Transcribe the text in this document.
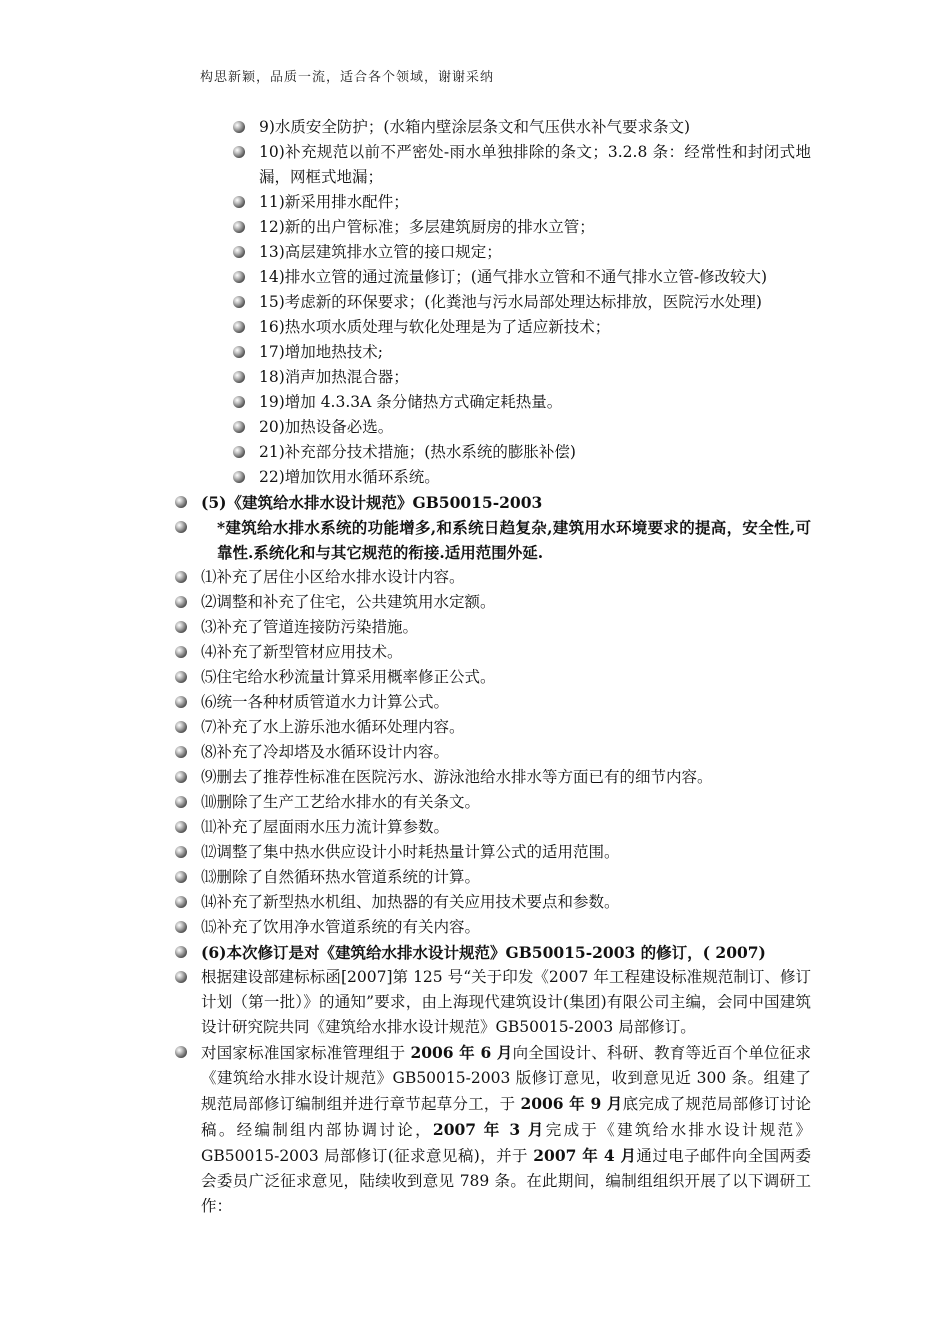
构思新颖，品质一流，适合各个领域，谢谢采纳
9)水质安全防护；(水箱内壁涂层条文和气压供水补气要求条文)
10)补充规范以前不严密处-雨水单独排除的条文；3.2.8 条：经常性和封闭式地漏，网框式地漏；
11)新采用排水配件；
12)新的出户管标准；多层建筑厨房的排水立管；
13)高层建筑排水立管的接口规定；
14)排水立管的通过流量修订；(通气排水立管和不通气排水立管-修改较大)
15)考虑新的环保要求；(化粪池与污水局部处理达标排放，医院污水处理)
16)热水项水质处理与软化处理是为了适应新技术；
17)增加地热技术;
18)消声加热混合器；
19)增加 4.3.3A 条分储热方式确定耗热量。
20)加热设备必选。
21)补充部分技术措施；(热水系统的膨胀补偿)
22)增加饮用水循环系统。
(5)《建筑给水排水设计规范》GB50015-2003
*建筑给水排水系统的功能增多,和系统日趋复杂,建筑用水环境要求的提高，安全性,可靠性.系统化和与其它规范的衔接.适用范围外延.
⑴补充了居住小区给水排水设计内容。
⑵调整和补充了住宅，公共建筑用水定额。
⑶补充了管道连接防污染措施。
⑷补充了新型管材应用技术。
⑸住宅给水秒流量计算采用概率修正公式。
⑹统一各种材质管道水力计算公式。
⑺补充了水上游乐池水循环处理内容。
⑻补充了冷却塔及水循环设计内容。
⑼删去了推荐性标准在医院污水、游泳池给水排水等方面已有的细节内容。
⑽删除了生产工艺给水排水的有关条文。
⑾补充了屋面雨水压力流计算参数。
⑿调整了集中热水供应设计小时耗热量计算公式的适用范围。
⒀删除了自然循环热水管道系统的计算。
⒁补充了新型热水机组、加热器的有关应用技术要点和参数。
⒂补充了饮用净水管道系统的有关内容。
(6)本次修订是对《建筑给水排水设计规范》GB50015-2003 的修订，( 2007)
根据建设部建标标函[2007]第 125 号“关于印发《2007 年工程建设标准规范制订、修订计划（第一批）》的通知”要求，由上海现代建筑设计(集团)有限公司主编，会同中国建筑设计研究院共同《建筑给水排水设计规范》GB50015-2003 局部修订。
对国家标准国家标准管理组于 2006 年 6 月向全国设计、科研、教育等近百个单位征求《建筑给水排水设计规范》GB50015-2003 版修订意见，收到意见近 300 条。组建了规范局部修订编制组并进行章节起草分工，于 2006 年 9 月底完成了规范局部修订讨论稿。经编制组内部协调讨论，2007 年 3 月完成于《建筑给水排水设计规范》GB50015-2003 局部修订(征求意见稿)，并于 2007 年 4 月通过电子邮件向全国两委会委员广泛征求意见，陆续收到意见 789 条。在此期间，编制组组织开展了以下调研工作：
